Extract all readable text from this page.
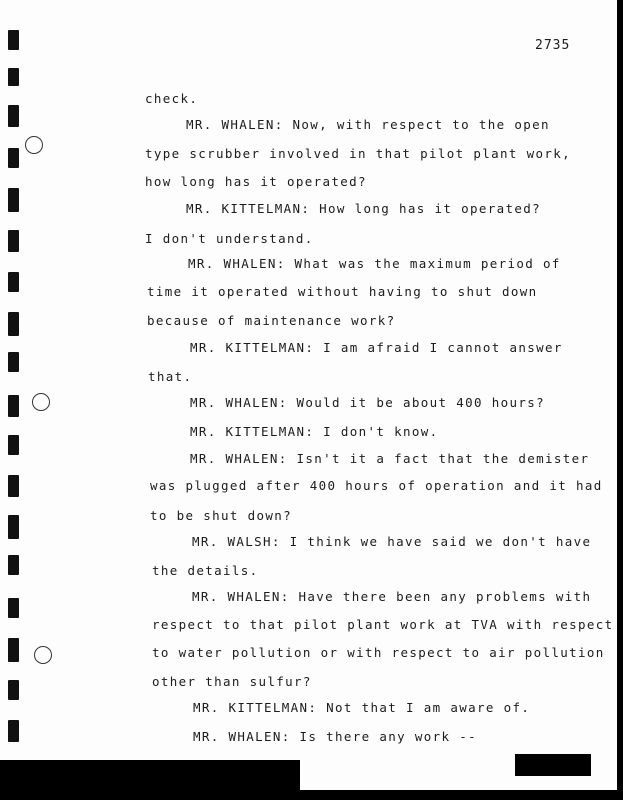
2735
check.
MR. WHALEN: Now, with respect to the open
type scrubber involved in that pilot plant work,
how long has it operated?
MR. KITTELMAN: How long has it operated?
I don't understand.
MR. WHALEN: What was the maximum period of
time it operated without having to shut down
because of maintenance work?
MR. KITTELMAN: I am afraid I cannot answer
that.
MR. WHALEN: Would it be about 400 hours?
MR. KITTELMAN: I don't know.
MR. WHALEN: Isn't it a fact that the demister
was plugged after 400 hours of operation and it had
to be shut down?
MR. WALSH: I think we have said we don't have
the details.
MR. WHALEN: Have there been any problems with
respect to that pilot plant work at TVA with respect
to water pollution or with respect to air pollution
other than sulfur?
MR. KITTELMAN: Not that I am aware of.
MR. WHALEN: Is there any work --
